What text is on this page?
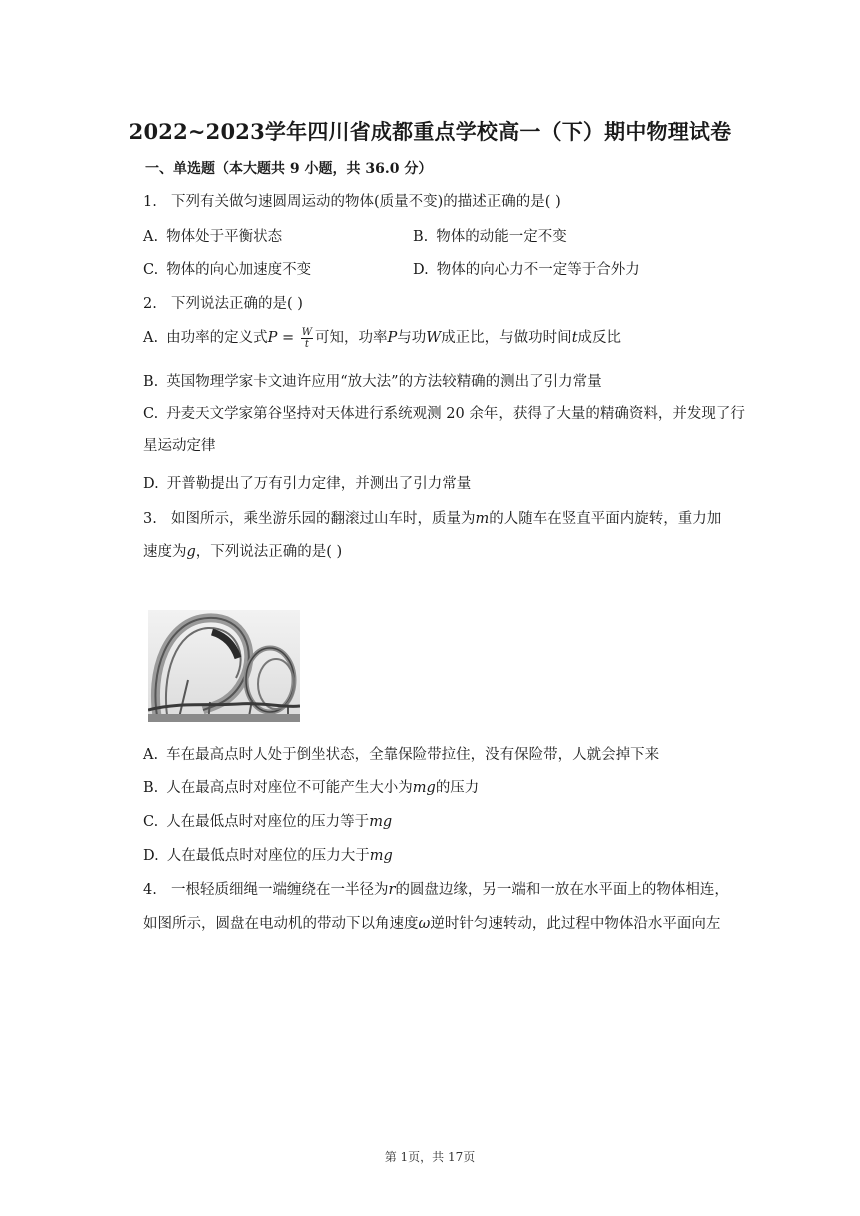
2022~2023学年四川省成都重点学校高一（下）期中物理试卷
一、单选题（本大题共 9 小题，共 36.0 分）
1. 下列有关做匀速圆周运动的物体(质量不变)的描述正确的是( )
A. 物体处于平衡状态	B. 物体的动能一定不变
C. 物体的向心加速度不变	D. 物体的向心力不一定等于合外力
2. 下列说法正确的是( )
A. 由功率的定义式$P = \frac{W}{t}$ 可知，功率P与功W成正比，与做功时间t成反比
B. 英国物理学家卡文迪许应用“放大法”的方法较精确的测出了引力常量
C. 丹麦天文学家第谷坚持对天体进行系统观测 20 余年，获得了大量的精确资料，并发现了行星运动定律
D. 开普勒提出了万有引力定律，并测出了引力常量
3. 如图所示，乘坐游乐园的翻滚过山车时，质量为m的人随车在竖直平面内旋转，重力加
速度为g，下列说法正确的是( )
A. 车在最高点时人处于倒坐状态，全靠保险带拉住，没有保险带，人就会掉下来
B. 人在最高点时对座位不可能产生大小为mg的压力
C. 人在最低点时对座位的压力等于mg
D. 人在最低点时对座位的压力大于mg
4. 一根轻质细绳一端缠绕在一半径为r的圆盘边缘，另一端和一放在水平面上的物体相连，
如图所示，圆盘在电动机的带动下以角速度ω逆时针匀速转动，此过程中物体沿水平面向左
第 1页，共 17页
